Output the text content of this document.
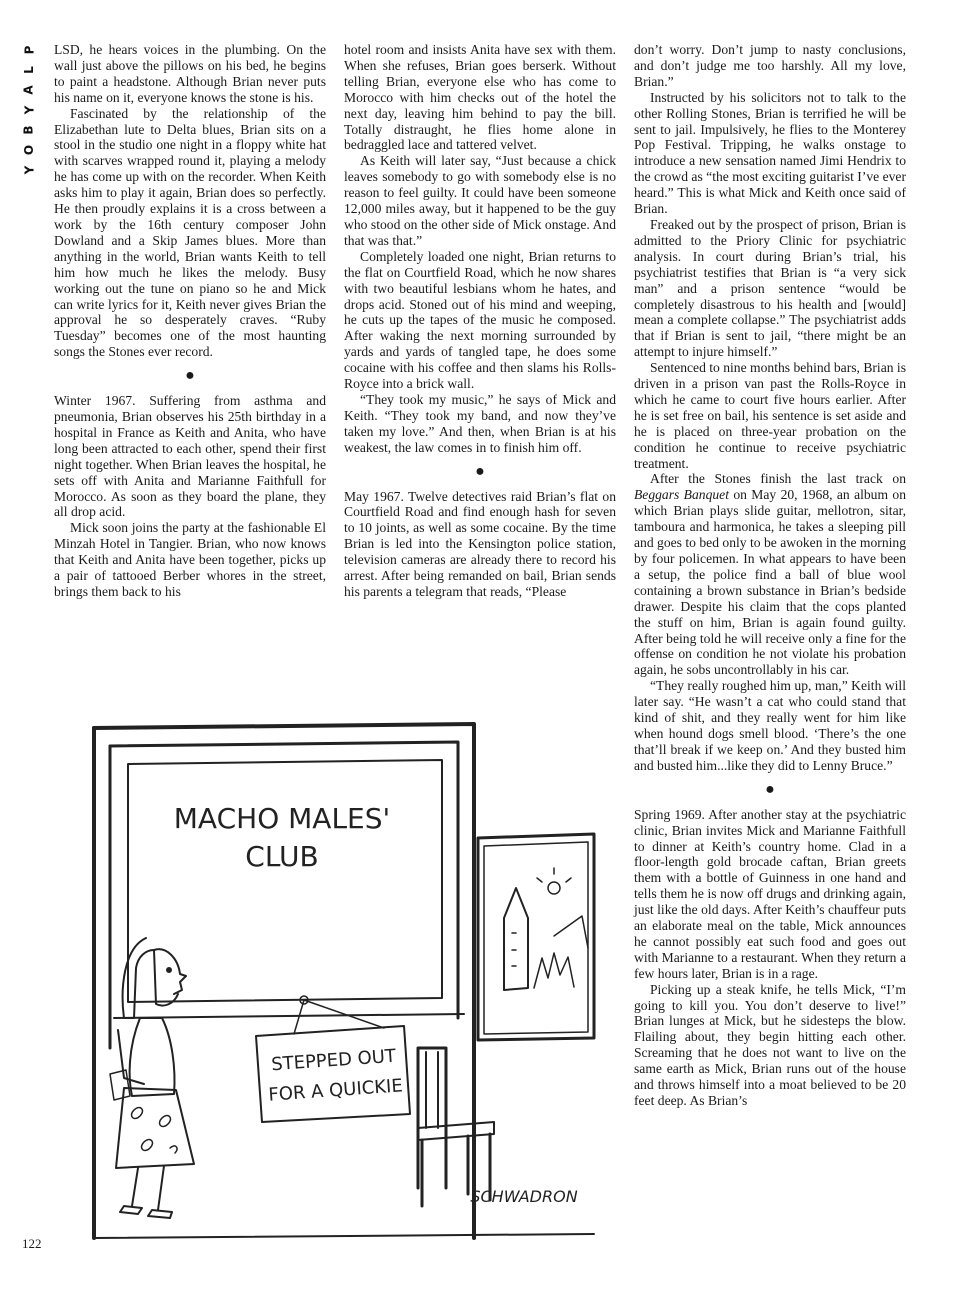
P
L
A
Y
B
O
Y

LSD, he hears voices in the plumbing. On the wall just above the pillows on his bed, he begins to paint a headstone. Although Brian never puts his name on it, everyone knows the stone is his.

Fascinated by the relationship of the Elizabethan lute to Delta blues, Brian sits on a stool in the studio one night in a floppy white hat with scarves wrapped round it, playing a melody he has come up with on the recorder. When Keith asks him to play it again, Brian does so perfectly. He then proudly explains it is a cross between a work by the 16th century composer John Dowland and a Skip James blues. More than anything in the world, Brian wants Keith to tell him how much he likes the melody. Busy working out the tune on piano so he and Mick can write lyrics for it, Keith never gives Brian the approval he so desperately craves. “Ruby Tuesday” becomes one of the most haunting songs the Stones ever record.

●

Winter 1967. Suffering from asthma and pneumonia, Brian observes his 25th birthday in a hospital in France as Keith and Anita, who have long been attracted to each other, spend their first night together. When Brian leaves the hospital, he sets off with Anita and Marianne Faithfull for Morocco. As soon as they board the plane, they all drop acid.

Mick soon joins the party at the fashionable El Minzah Hotel in Tangier. Brian, who now knows that Keith and Anita have been together, picks up a pair of tattooed Berber whores in the street, brings them back to his

hotel room and insists Anita have sex with them. When she refuses, Brian goes berserk. Without telling Brian, everyone else who has come to Morocco with him checks out of the hotel the next day, leaving him behind to pay the bill. Totally distraught, he flies home alone in bedraggled lace and tattered velvet.

As Keith will later say, “Just because a chick leaves somebody to go with somebody else is no reason to feel guilty. It could have been someone 12,000 miles away, but it happened to be the guy who stood on the other side of Mick onstage. And that was that.”

Completely loaded one night, Brian returns to the flat on Courtfield Road, which he now shares with two beautiful lesbians whom he hates, and drops acid. Stoned out of his mind and weeping, he cuts up the tapes of the music he composed. After waking the next morning surrounded by yards and yards of tangled tape, he does some cocaine with his coffee and then slams his Rolls-Royce into a brick wall.

“They took my music,” he says of Mick and Keith. “They took my band, and now they’ve taken my love.” And then, when Brian is at his weakest, the law comes in to finish him off.

●

May 1967. Twelve detectives raid Brian’s flat on Courtfield Road and find enough hash for seven to 10 joints, as well as some cocaine. By the time Brian is led into the Kensington police station, television cameras are already there to record his arrest. After being remanded on bail, Brian sends his parents a telegram that reads, “Please

don’t worry. Don’t jump to nasty conclusions, and don’t judge me too harshly. All my love, Brian.”

Instructed by his solicitors not to talk to the other Rolling Stones, Brian is terrified he will be sent to jail. Impulsively, he flies to the Monterey Pop Festival. Tripping, he walks onstage to introduce a new sensation named Jimi Hendrix to the crowd as “the most exciting guitarist I’ve ever heard.” This is what Mick and Keith once said of Brian.

Freaked out by the prospect of prison, Brian is admitted to the Priory Clinic for psychiatric analysis. In court during Brian’s trial, his psychiatrist testifies that Brian is “a very sick man” and a prison sentence “would be completely disastrous to his health and [would] mean a complete collapse.” The psychiatrist adds that if Brian is sent to jail, “there might be an attempt to injure himself.”

Sentenced to nine months behind bars, Brian is driven in a prison van past the Rolls-Royce in which he came to court five hours earlier. After he is set free on bail, his sentence is set aside and he is placed on three-year probation on the condition he continue to receive psychiatric treatment.

After the Stones finish the last track on Beggars Banquet on May 20, 1968, an album on which Brian plays slide guitar, mellotron, sitar, tamboura and harmonica, he takes a sleeping pill and goes to bed only to be awoken in the morning by four policemen. In what appears to have been a setup, the police find a ball of blue wool containing a brown substance in Brian’s bedside drawer. Despite his claim that the cops planted the stuff on him, Brian is again found guilty. After being told he will receive only a fine for the offense on condition he not violate his probation again, he sobs uncontrollably in his car.

“They really roughed him up, man,” Keith will later say. “He wasn’t a cat who could stand that kind of shit, and they really went for him like when hound dogs smell blood. ‘There’s the one that’ll break if we keep on.’ And they busted him and busted him...like they did to Lenny Bruce.”

●

Spring 1969. After another stay at the psychiatric clinic, Brian invites Mick and Marianne Faithfull to dinner at Keith’s country home. Clad in a floor-length gold brocade caftan, Brian greets them with a bottle of Guinness in one hand and tells them he is now off drugs and drinking again, just like the old days. After Keith’s chauffeur puts an elaborate meal on the table, Mick announces he cannot possibly eat such food and goes out with Marianne to a restaurant. When they return a few hours later, Brian is in a rage.

Picking up a steak knife, he tells Mick, “I’m going to kill you. You don’t deserve to live!” Brian lunges at Mick, but he sidesteps the blow. Flailing about, they begin hitting each other. Screaming that he does not want to live on the same earth as Mick, Brian runs out of the house and throws himself into a moat believed to be 20 feet deep. As Brian’s

MACHO MALES'
CLUB
STEPPED OUT
FOR A QUICKIE
SCHWADRON
122
